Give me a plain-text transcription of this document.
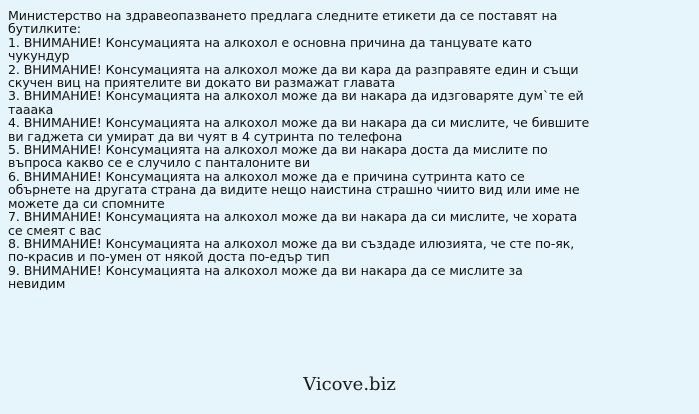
Министерство на здравеопазването предлага следните етикети да се поставят на
бутилките:
1. ВНИМАНИЕ! Консумацията на алкохол е основна причина да танцувате като
чукундур
2. ВНИМАНИЕ! Консумацията на алкохол може да ви кара да разправяте един и същи
скучен виц на приятелите ви докато ви размажат главата
3. ВНИМАНИЕ! Консумацията на алкохол може да ви накара да идзговаряте дум`те ей
тааака
4. ВНИМАНИЕ! Консумацията на алкохол може да ви накара да си мислите, че бившите
ви гаджета си умират да ви чуят в 4 сутринта по телефона
5. ВНИМАНИЕ! Консумацията на алкохол може да ви накара доста да мислите по
въпроса какво се е случило с панталоните ви
6. ВНИМАНИЕ! Консумацията на алкохол може да е причина сутринта като се
обърнете на другата страна да видите нещо наистина страшно чиито вид или име не
можете да си спомните
7. ВНИМАНИЕ! Консумацията на алкохол може да ви накара да си мислите, че хората
се смеят с вас
8. ВНИМАНИЕ! Консумацията на алкохол може да ви създаде илюзията, че сте по-як,
по-красив и по-умен от някой доста по-едър тип
9. ВНИМАНИЕ! Консумацията на алкохол може да ви накара да се мислите за
невидим
Vicove.biz
